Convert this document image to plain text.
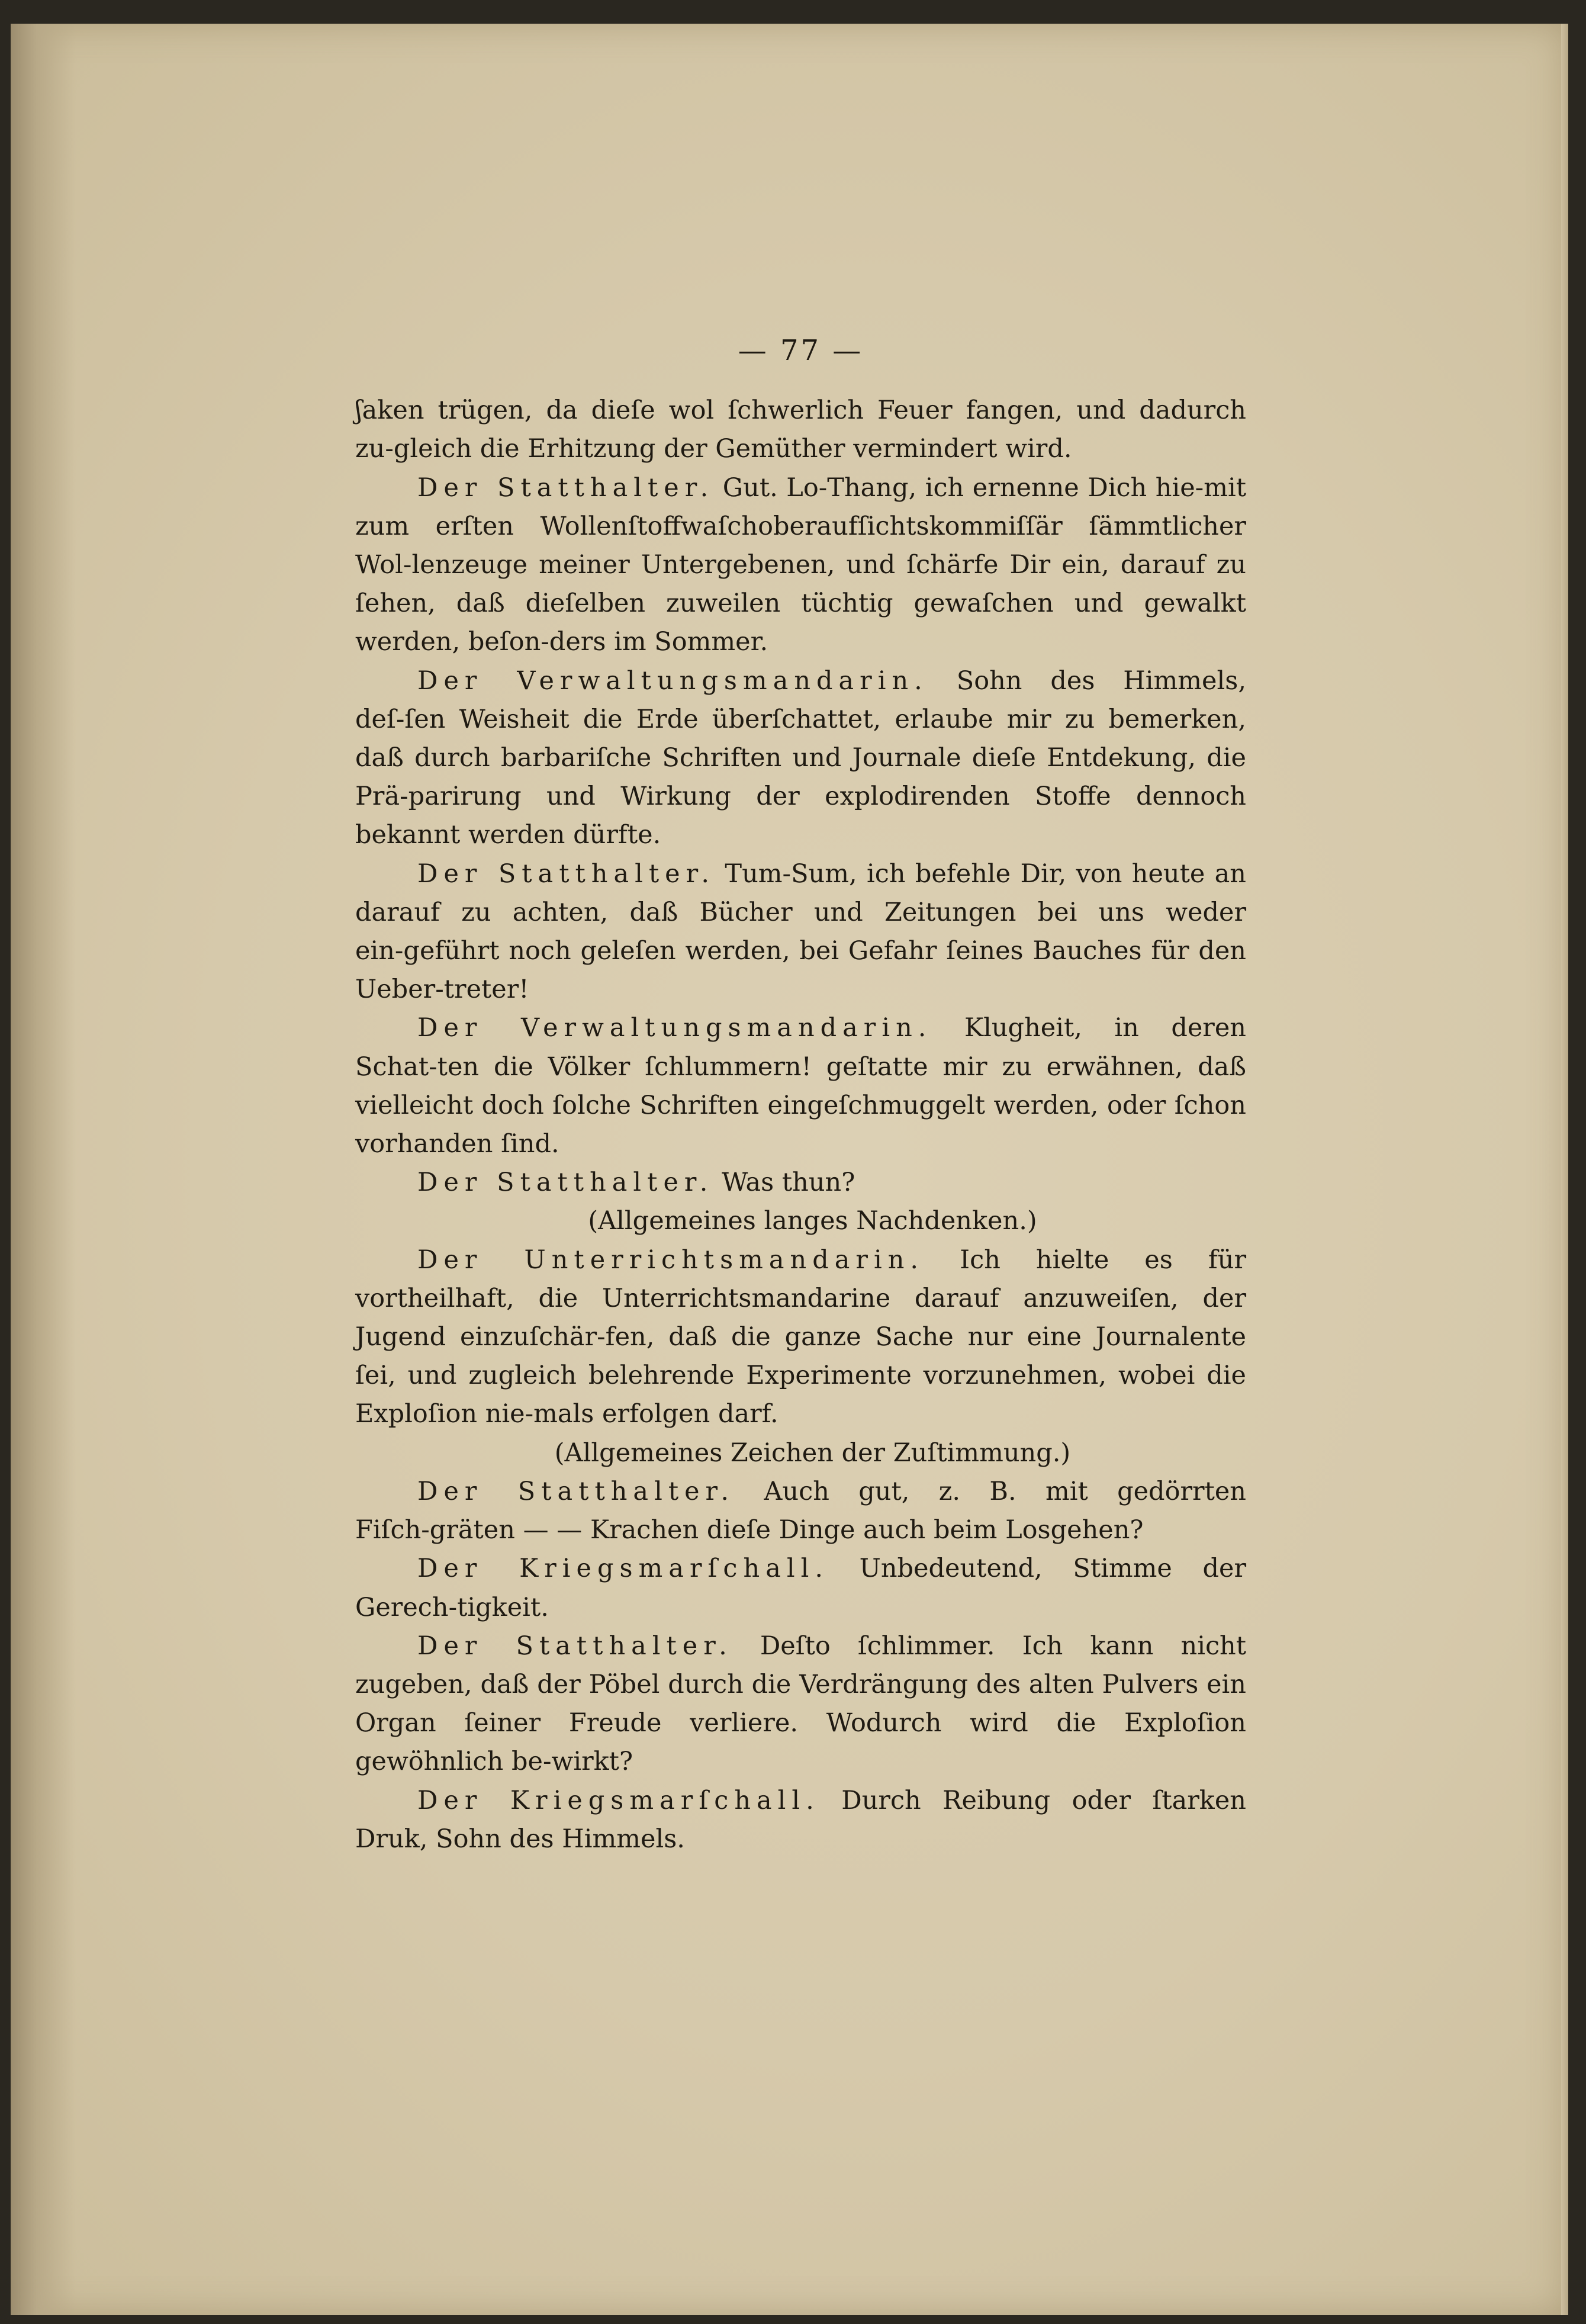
— 77 —

ʃaken trügen, da dieſe wol ſchwerlich Feuer fangen, und dadurch zu‑gleich die Erhitzung der Gemüther vermindert wird.

Der Statthalter. Gut. Lo‑Thang, ich ernenne Dich hie‑mit zum erſten Wollenſtoffwaſchoberaufſichtskommiſſär ſämmtlicher Wol‑lenzeuge meiner Untergebenen, und ſchärfe Dir ein, darauf zu ſehen, daß dieſelben zuweilen tüchtig gewaſchen und gewalkt werden, beſon‑ders im Sommer.

Der Verwaltungsmandarin. Sohn des Himmels, deſ‑ſen Weisheit die Erde überſchattet, erlaube mir zu bemerken, daß durch barbariſche Schriften und Journale dieſe Entdekung, die Prä‑parirung und Wirkung der explodirenden Stoffe dennoch bekannt werden dürfte.

Der Statthalter. Tum‑Sum, ich befehle Dir, von heute an darauf zu achten, daß Bücher und Zeitungen bei uns weder ein‑geführt noch geleſen werden, bei Gefahr ſeines Bauches für den Ueber‑treter!

Der Verwaltungsmandarin. Klugheit, in deren Schat‑ten die Völker ſchlummern! geſtatte mir zu erwähnen, daß vielleicht doch ſolche Schriften eingeſchmuggelt werden, oder ſchon vorhanden ſind.

Der Statthalter. Was thun?

(Allgemeines langes Nachdenken.)

Der Unterrichtsmandarin. Ich hielte es für vortheilhaft, die Unterrichtsmandarine darauf anzuweiſen, der Jugend einzuſchär‑fen, daß die ganze Sache nur eine Journalente ſei, und zugleich belehrende Experimente vorzunehmen, wobei die Exploſion nie‑mals erfolgen darf.

(Allgemeines Zeichen der Zuſtimmung.)

Der Statthalter. Auch gut, z. B. mit gedörrten Fiſch‑gräten — — Krachen dieſe Dinge auch beim Losgehen?

Der Kriegsmarſchall. Unbedeutend, Stimme der Gerech‑tigkeit.

Der Statthalter. Deſto ſchlimmer. Ich kann nicht zugeben, daß der Pöbel durch die Verdrängung des alten Pulvers ein Organ ſeiner Freude verliere. Wodurch wird die Exploſion gewöhnlich be‑wirkt?

Der Kriegsmarſchall. Durch Reibung oder ſtarken Druk, Sohn des Himmels.
